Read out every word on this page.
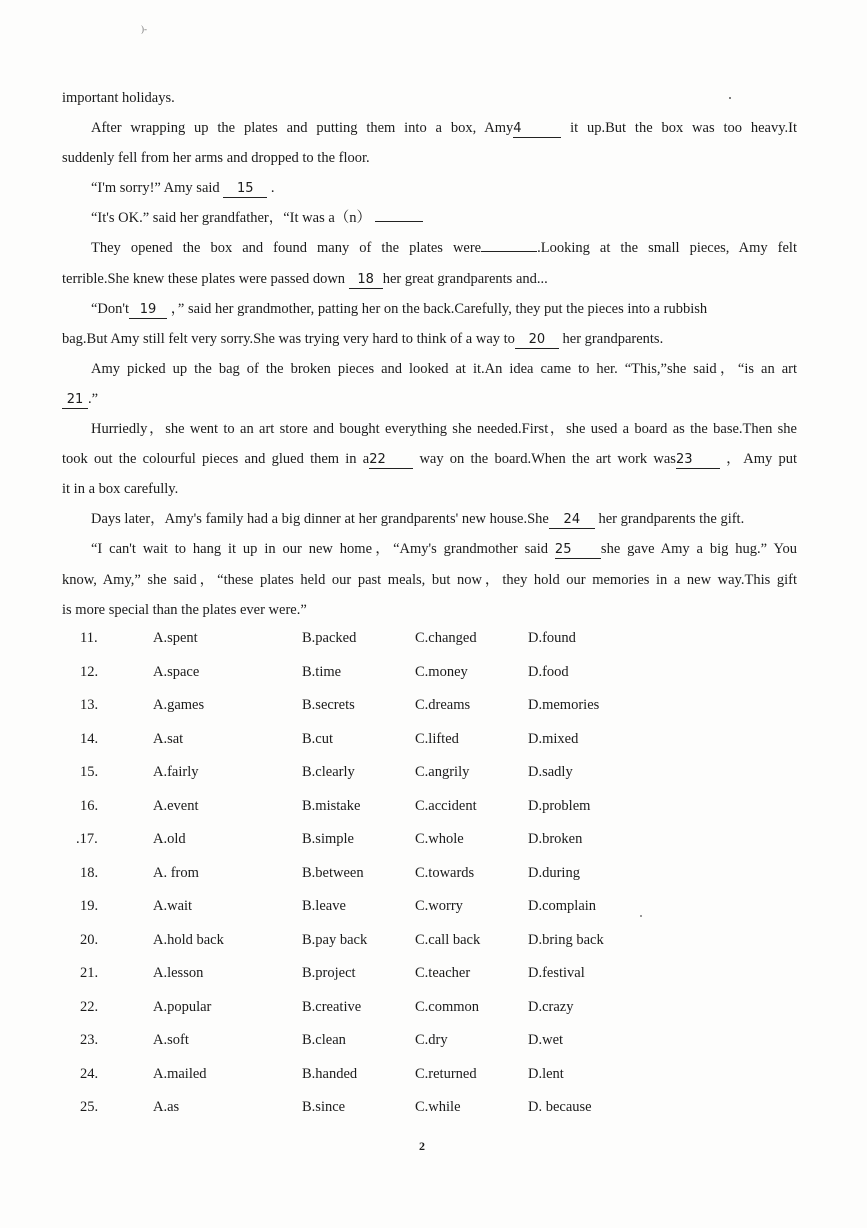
)-
important holidays.
After wrapping up the plates and putting them into a box, Amy4	it up.But the box was too heavy.It
suddenly fell from her arms and dropped to the floor.
“I'm sorry!” Amy said 15 .
“It's OK.” said her grandfather，“It was a（n）
They opened the box and found many of the plates were	.Looking at the small pieces, Amy felt
terrible.She knew these plates were passed down 18 her great grandparents and...
“Don't 19 ，” said her grandmother, patting her on the back.Carefully, they put the pieces into a rubbish
bag.But Amy still felt very sorry.She was trying very hard to think of a way to 20 her grandparents.
Amy picked up the bag of the broken pieces and looked at it.An idea came to her. “This,”she said，“is an art
21 .”
Hurriedly，she went to an art store and bought everything she needed.First，she used a board as the base.Then she
took out the colourful pieces and glued them in a22 way on the board.When the art work was23 ，Amy put
it in a box carefully.
Days later，Amy's family had a big dinner at her grandparents' new house.She 24 her grandparents the gift.
“I can't wait to hang it up in our new home，“Amy's grandmother said 25 she gave Amy a big hug.” You
know, Amy,” she said，“these plates held our past meals, but now，they hold our memories in a new way.This gift
is more special than the plates ever were.”
11.	A.spent	B.packed	C.changed	D.found
12.	A.space	B.time	C.money	D.food
13.	A.games	B.secrets	C.dreams	D.memories
14.	A.sat	B.cut	C.lifted	D.mixed
15.	A.fairly	B.clearly	C.angrily	D.sadly
16.	A.event	B.mistake	C.accident	D.problem
.17.	A.old	B.simple	C.whole	D.broken
18.	A. from	B.between	C.towards	D.during
19.	A.wait	B.leave	C.worry	D.complain
20.	A.hold back	B.pay back	C.call back	D.bring back
21.	A.lesson	B.project	C.teacher	D.festival
22.	A.popular	B.creative	C.common	D.crazy
23.	A.soft	B.clean	C.dry	D.wet
24.	A.mailed	B.handed	C.returned	D.lent
25.	A.as	B.since	C.while	D. because
2
